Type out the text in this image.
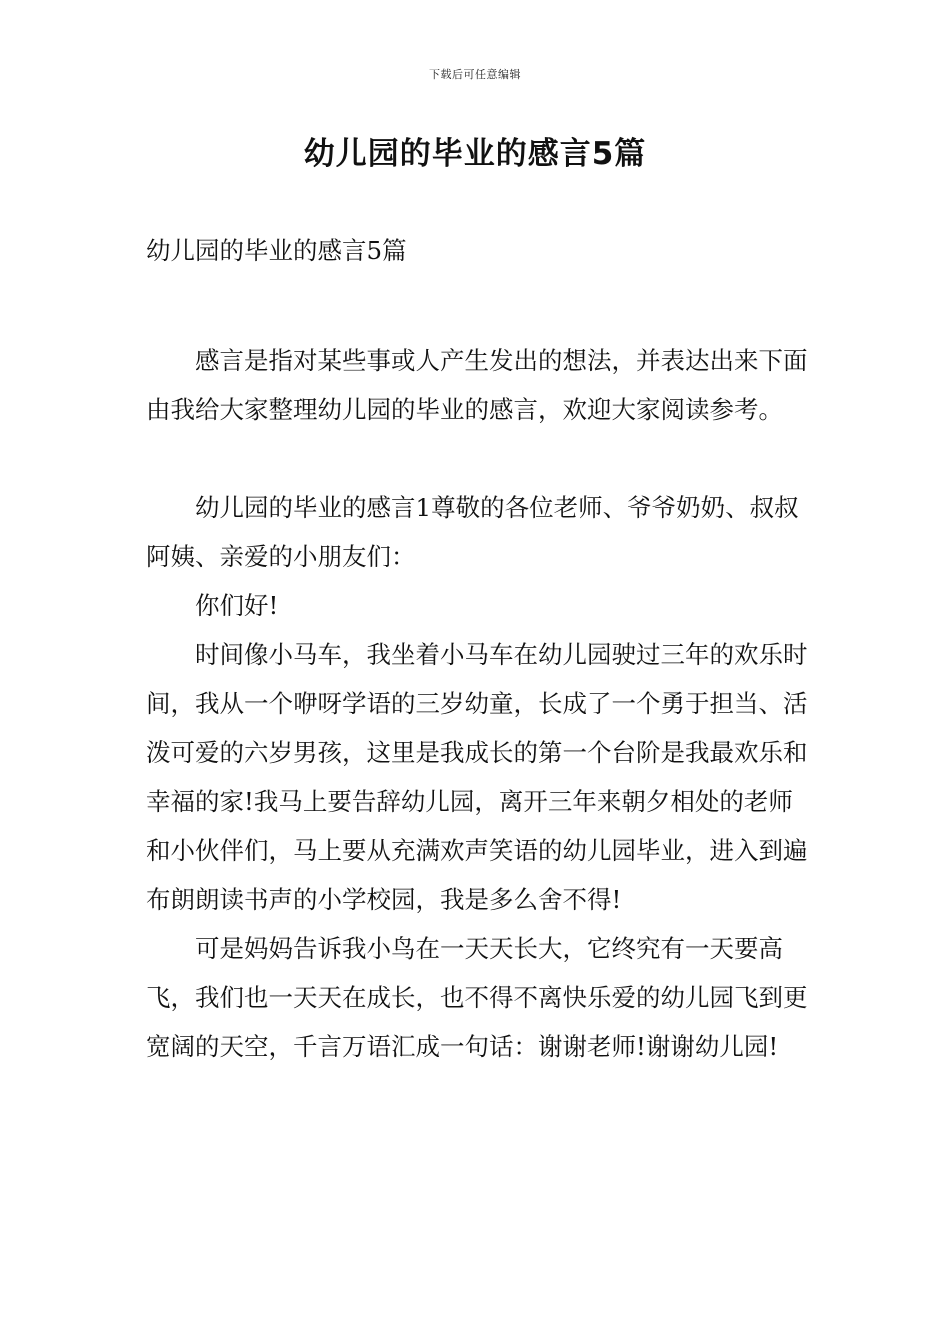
下载后可任意编辑
幼儿园的毕业的感言5篇

幼儿园的毕业的感言5篇

感言是指对某些事或人产生发出的想法，并表达出来下面由我给大家整理幼儿园的毕业的感言，欢迎大家阅读参考。

幼儿园的毕业的感言1尊敬的各位老师、爷爷奶奶、叔叔阿姨、亲爱的小朋友们：

你们好!

时间像小马车，我坐着小马车在幼儿园驶过三年的欢乐时间，我从一个咿呀学语的三岁幼童，长成了一个勇于担当、活泼可爱的六岁男孩，这里是我成长的第一个台阶是我最欢乐和幸福的家!我马上要告辞幼儿园，离开三年来朝夕相处的老师和小伙伴们，马上要从充满欢声笑语的幼儿园毕业，进入到遍布朗朗读书声的小学校园，我是多么舍不得!

可是妈妈告诉我小鸟在一天天长大，它终究有一天要高飞，我们也一天天在成长，也不得不离快乐爱的幼儿园飞到更宽阔的天空，千言万语汇成一句话：谢谢老师!谢谢幼儿园!
